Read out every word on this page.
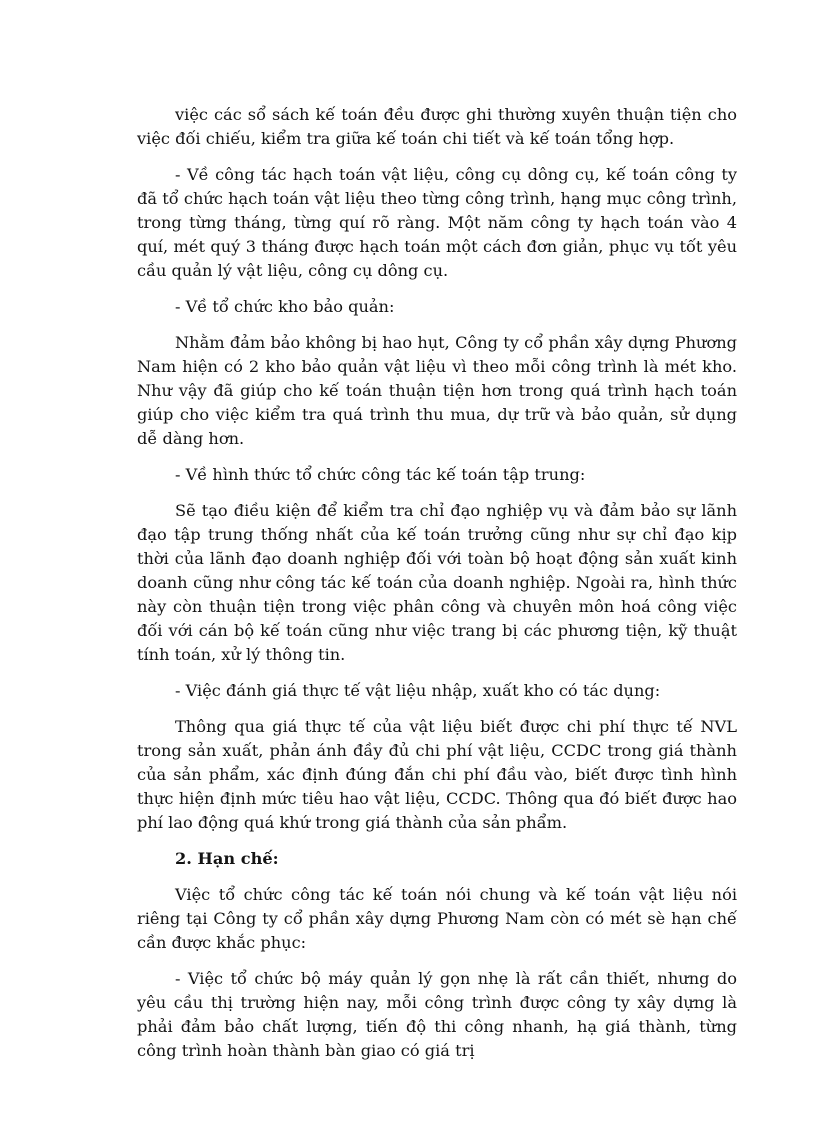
việc các sổ sách kế toán đều được ghi thường xuyên thuận tiện cho việc đối chiếu, kiểm tra giữa kế toán chi tiết và kế toán tổng hợp.

- Về công tác hạch toán vật liệu, công cụ dông cụ, kế toán công ty đã tổ chức hạch toán vật liệu theo từng công trình, hạng mục công trình, trong từng tháng, từng quí rõ ràng. Một năm công ty hạch toán vào 4 quí, mét quý 3 tháng được hạch toán một cách đơn giản, phục vụ tốt yêu cầu quản lý vật liệu, công cụ dông cụ.

- Về tổ chức kho bảo quản:

Nhằm đảm bảo không bị hao hụt, Công ty cổ phần xây dựng Phương Nam hiện có 2 kho bảo quản vật liệu vì theo mỗi công trình là mét kho. Như vậy đã giúp cho kế toán thuận tiện hơn trong quá trình hạch toán giúp cho việc kiểm tra quá trình thu mua, dự trữ và bảo quản, sử dụng dễ dàng hơn.

- Về hình thức tổ chức công tác kế toán tập trung:

Sẽ tạo điều kiện để kiểm tra chỉ đạo nghiệp vụ và đảm bảo sự lãnh đạo tập trung thống nhất của kế toán trưởng cũng như sự chỉ đạo kịp thời của lãnh đạo doanh nghiệp đối với toàn bộ hoạt động sản xuất kinh doanh cũng như công tác kế toán của doanh nghiệp. Ngoài ra, hình thức này còn thuận tiện trong việc phân công và chuyên môn hoá công việc đối với cán bộ kế toán cũng như việc trang bị các phương tiện, kỹ thuật tính toán, xử lý thông tin.

- Việc đánh giá thực tế vật liệu nhập, xuất kho có tác dụng:

Thông qua giá thực tế của vật liệu biết được chi phí thực tế NVL trong sản xuất, phản ánh đầy đủ chi phí vật liệu, CCDC trong giá thành của sản phẩm, xác định đúng đắn chi phí đầu vào, biết được tình hình thực hiện định mức tiêu hao vật liệu, CCDC. Thông qua đó biết được hao phí lao động quá khứ trong giá thành của sản phẩm.

2. Hạn chế:

Việc tổ chức công tác kế toán nói chung và kế toán vật liệu nói riêng tại Công ty cổ phần xây dựng Phương Nam còn có mét sè hạn chế cần được khắc phục:

- Việc tổ chức bộ máy quản lý gọn nhẹ là rất cần thiết, nhưng do yêu cầu thị trường hiện nay, mỗi công trình được công ty xây dựng là phải đảm bảo chất lượng, tiến độ thi công nhanh, hạ giá thành, từng công trình hoàn thành bàn giao có giá trị
